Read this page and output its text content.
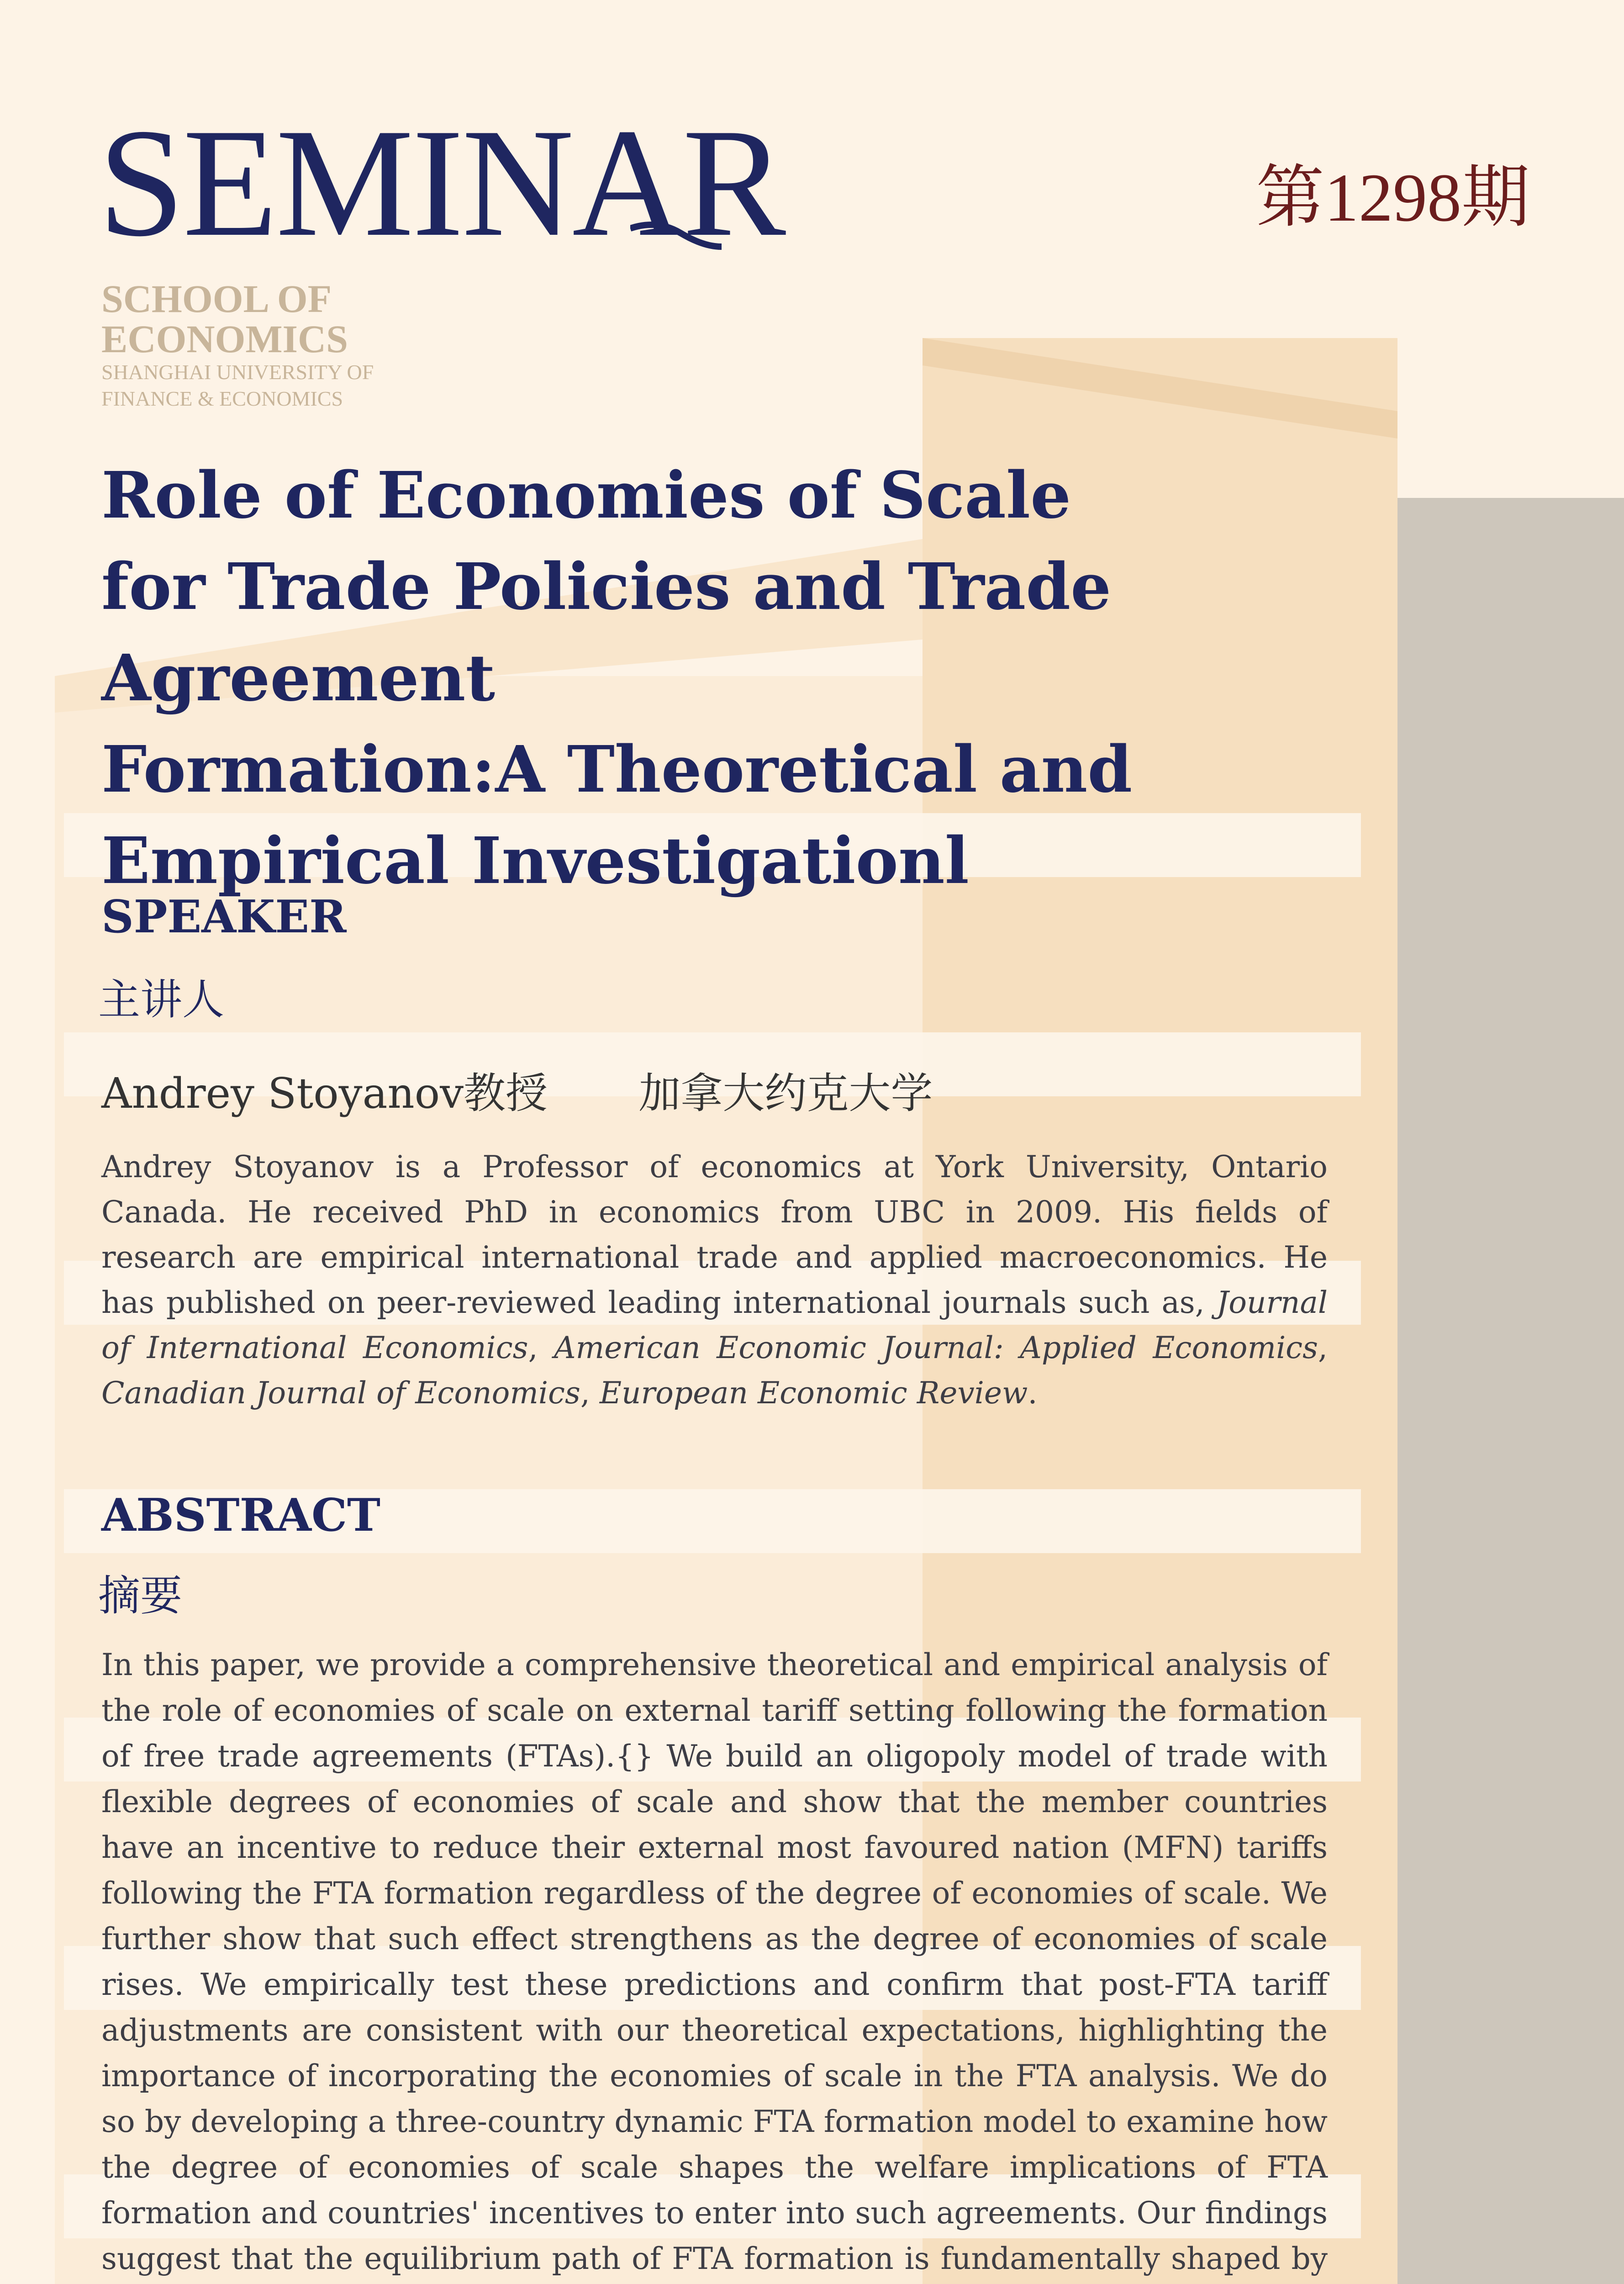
SEMINAR	第1298期
SCHOOL OF
ECONOMICS
SHANGHAI UNIVERSITY OF
FINANCE & ECONOMICS
Role of Economies of Scale
for Trade Policies and Trade Agreement
Formation:A Theoretical and
Empirical Investigationl
SPEAKER
主讲人
Andrey Stoyanov教授 加拿大约克大学
Andrey Stoyanov is a Professor of economics at York University, Ontario Canada. He received PhD in economics from UBC in 2009. His fields of research are empirical international trade and applied macroeconomics. He has published on peer-reviewed leading international journals such as, Journal of International Economics, American Economic Journal: Applied Economics, Canadian Journal of Economics, European Economic Review.
ABSTRACT
摘要
In this paper, we provide a comprehensive theoretical and empirical analysis of the role of economies of scale on external tariff setting following the formation of free trade agreements (FTAs).{} We build an oligopoly model of trade with flexible degrees of economies of scale and show that the member countries have an incentive to reduce their external most favoured nation (MFN) tariffs following the FTA formation regardless of the degree of economies of scale. We further show that such effect strengthens as the degree of economies of scale rises. We empirically test these predictions and confirm that post-FTA tariff adjustments are consistent with our theoretical expectations, highlighting the importance of incorporating the economies of scale in the FTA analysis. We do so by developing a three-country dynamic FTA formation model to examine how the degree of economies of scale shapes the welfare implications of FTA formation and countries' incentives to enter into such agreements. Our findings suggest that the equilibrium path of FTA formation is fundamentally shaped by
